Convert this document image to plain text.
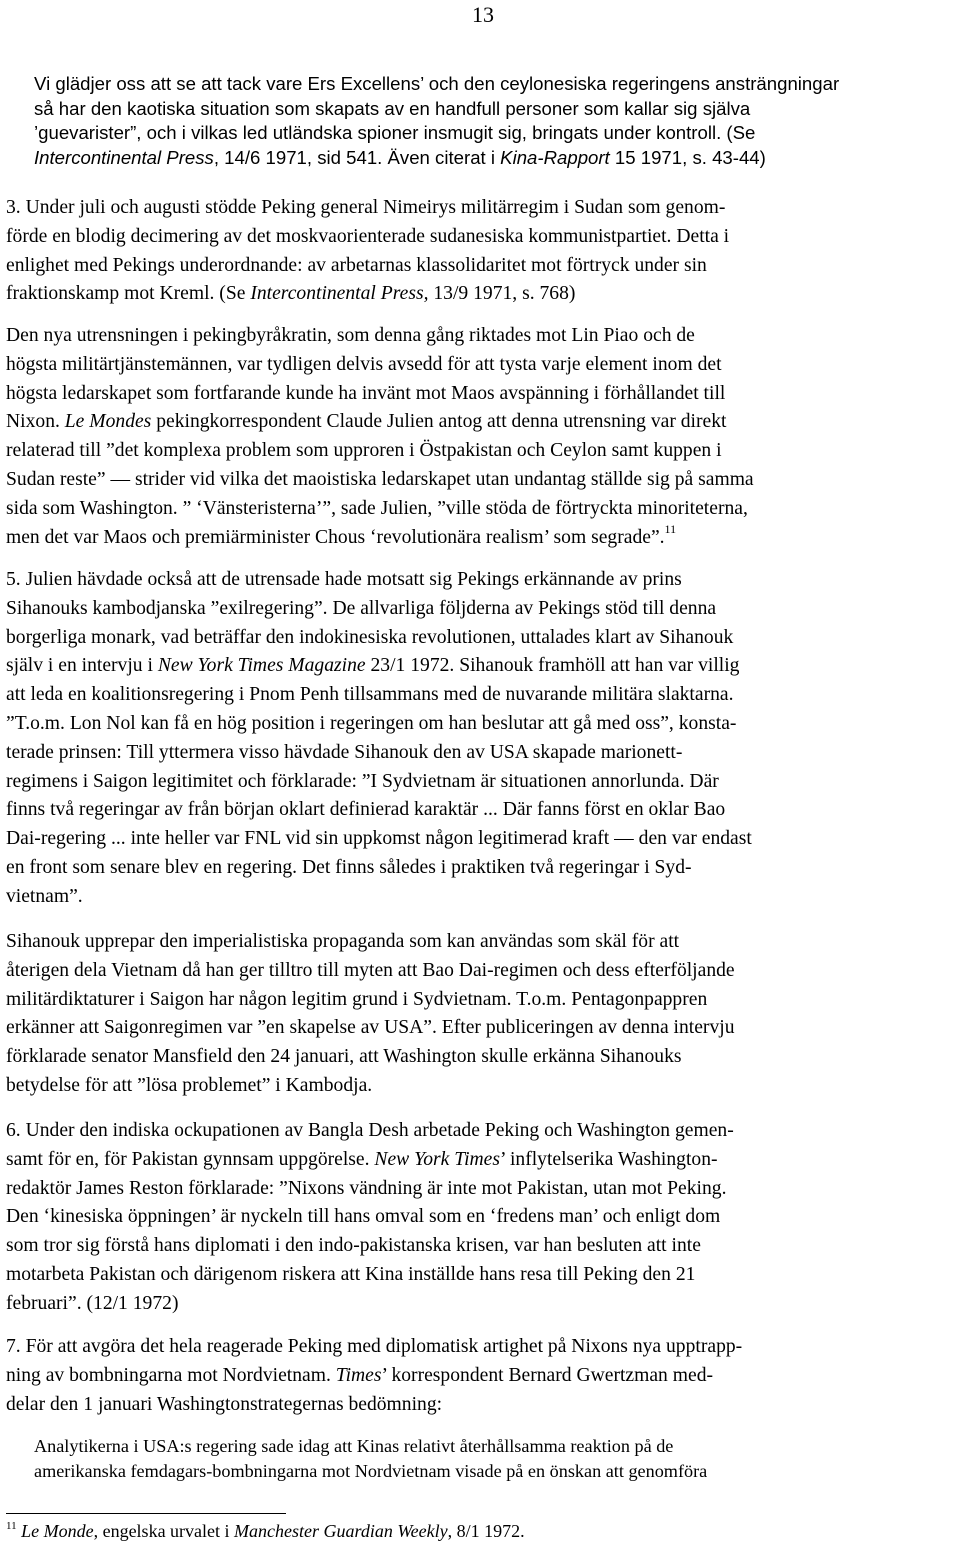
13
Vi glädjer oss att se att tack vare Ers Excellens’ och den ceylonesiska regeringens ansträngningar
så har den kaotiska situation som skapats av en handfull personer som kallar sig själva
’guevarister”, och i vilkas led utländska spioner insmugit sig, bringats under kontroll. (Se
Intercontinental Press, 14/6 1971, sid 541. Även citerat i Kina-Rapport 15 1971, s. 43-44)
3. Under juli och augusti stödde Peking general Nimeirys militärregim i Sudan som genom-
förde en blodig decimering av det moskvaorienterade sudanesiska kommunistpartiet. Detta i
enlighet med Pekings underordnande: av arbetarnas klassolidaritet mot förtryck under sin
fraktionskamp mot Kreml. (Se Intercontinental Press, 13/9 1971, s. 768)
Den nya utrensningen i pekingbyråkratin, som denna gång riktades mot Lin Piao och de
högsta militärtjänstemännen, var tydligen delvis avsedd för att tysta varje element inom det
högsta ledarskapet som fortfarande kunde ha invänt mot Maos avspänning i förhållandet till
Nixon. Le Mondes pekingkorrespondent Claude Julien antog att denna utrensning var direkt
relaterad till ”det komplexa problem som upproren i Östpakistan och Ceylon samt kuppen i
Sudan reste” — strider vid vilka det maoistiska ledarskapet utan undantag ställde sig på samma
sida som Washington. ” ‘Vänsteristerna’”, sade Julien, ”ville stöda de förtryckta minoriteterna,
men det var Maos och premiärminister Chous ‘revolutionära realism’ som segrade”.$^{11}$
5. Julien hävdade också att de utrensade hade motsatt sig Pekings erkännande av prins
Sihanouks kambodjanska ”exilregering”. De allvarliga följderna av Pekings stöd till denna
borgerliga monark, vad beträffar den indokinesiska revolutionen, uttalades klart av Sihanouk
själv i en intervju i New York Times Magazine 23/1 1972. Sihanouk framhöll att han var villig
att leda en koalitionsregering i Pnom Penh tillsammans med de nuvarande militära slaktarna.
”T.o.m. Lon Nol kan få en hög position i regeringen om han beslutar att gå med oss”, konsta-
terade prinsen: Till yttermera visso hävdade Sihanouk den av USA skapade marionett-
regimens i Saigon legitimitet och förklarade: ”I Sydvietnam är situationen annorlunda. Där
finns två regeringar av från början oklart definierad karaktär ... Där fanns först en oklar Bao
Dai-regering ... inte heller var FNL vid sin uppkomst någon legitimerad kraft — den var endast
en front som senare blev en regering. Det finns således i praktiken två regeringar i Syd-
vietnam”.
Sihanouk upprepar den imperialistiska propaganda som kan användas som skäl för att
återigen dela Vietnam då han ger tilltro till myten att Bao Dai-regimen och dess efterföljande
militärdiktaturer i Saigon har någon legitim grund i Sydvietnam. T.o.m. Pentagonpappren
erkänner att Saigonregimen var ”en skapelse av USA”. Efter publiceringen av denna intervju
förklarade senator Mansfield den 24 januari, att Washington skulle erkänna Sihanouks
betydelse för att ”lösa problemet” i Kambodja.
6. Under den indiska ockupationen av Bangla Desh arbetade Peking och Washington gemen-
samt för en, för Pakistan gynnsam uppgörelse. New York Times’ inflytelserika Washington-
redaktör James Reston förklarade: ”Nixons vändning är inte mot Pakistan, utan mot Peking.
Den ‘kinesiska öppningen’ är nyckeln till hans omval som en ‘fredens man’ och enligt dom
som tror sig förstå hans diplomati i den indo-pakistanska krisen, var han besluten att inte
motarbeta Pakistan och därigenom riskera att Kina inställde hans resa till Peking den 21
februari”. (12/1 1972)
7. För att avgöra det hela reagerade Peking med diplomatisk artighet på Nixons nya upptrapp-
ning av bombningarna mot Nordvietnam. Times’ korrespondent Bernard Gwertzman med-
delar den 1 januari Washingtonstrategernas bedömning:
Analytikerna i USA:s regering sade idag att Kinas relativt återhållsamma reaktion på de
amerikanska femdagars-bombningarna mot Nordvietnam visade på en önskan att genomföra
$^{11}$ Le Monde, engelska urvalet i Manchester Guardian Weekly, 8/1 1972.
